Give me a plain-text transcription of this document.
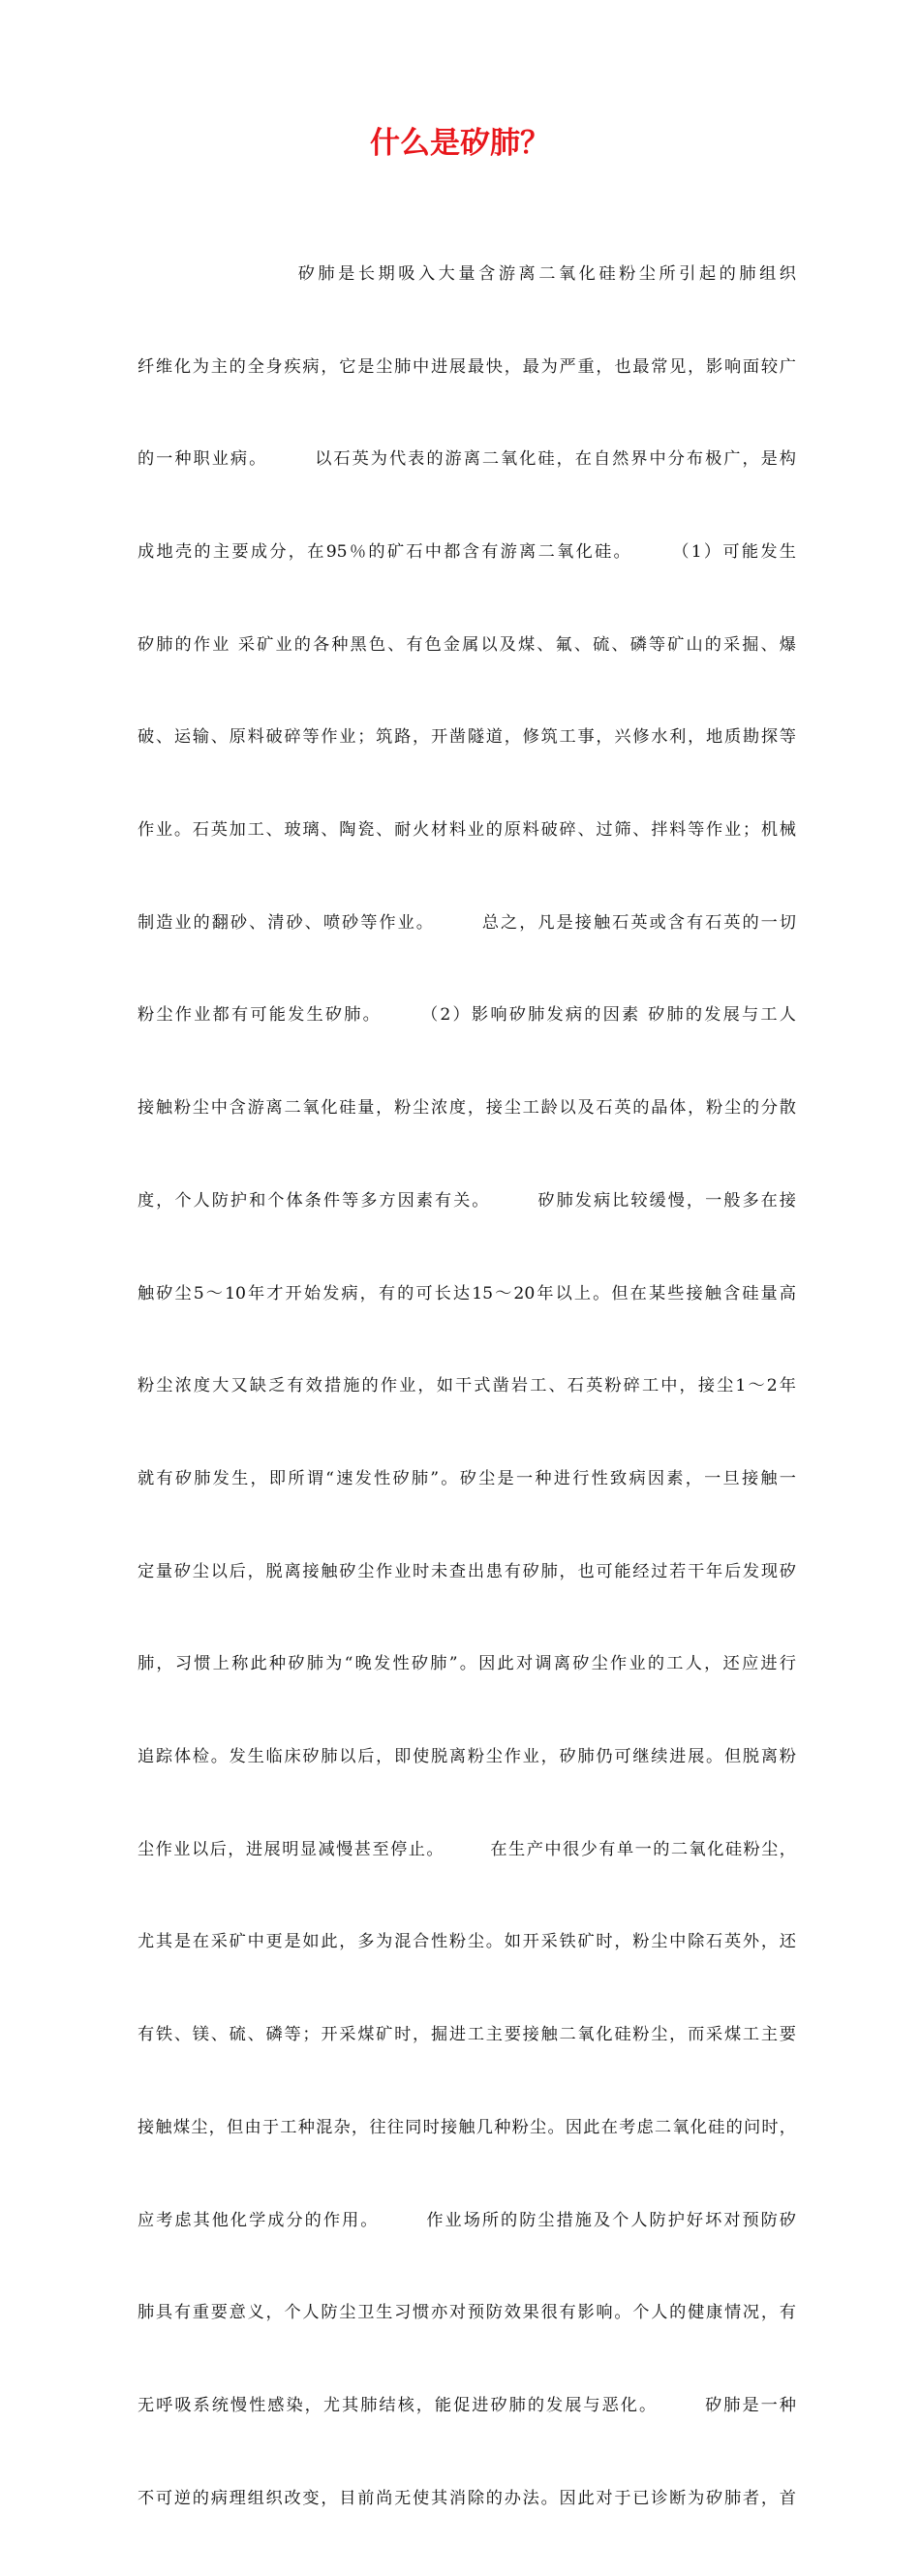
什么是矽肺？

　　　　　　　　矽肺是长期吸入大量含游离二氧化硅粉尘所引起的肺组织

纤维化为主的全身疾病，它是尘肺中进展最快，最为严重，也最常见，影响面较广

的一种职业病。　　　以石英为代表的游离二氧化硅，在自然界中分布极广，是构

成地壳的主要成分，在95％的矿石中都含有游离二氧化硅。　　　（1）可能发生

矽肺的作业 采矿业的各种黑色、有色金属以及煤、氟、硫、磷等矿山的采掘、爆

破、运输、原料破碎等作业；筑路，开凿隧道，修筑工事，兴修水利，地质勘探等

作业。石英加工、玻璃、陶瓷、耐火材料业的原料破碎、过筛、拌料等作业；机械

制造业的翻砂、清砂、喷砂等作业。　　　总之，凡是接触石英或含有石英的一切

粉尘作业都有可能发生矽肺。　　　（2）影响矽肺发病的因素 矽肺的发展与工人

接触粉尘中含游离二氧化硅量，粉尘浓度，接尘工龄以及石英的晶体，粉尘的分散

度，个人防护和个体条件等多方因素有关。　　　矽肺发病比较缓慢，一般多在接

触矽尘5～10年才开始发病，有的可长达15～20年以上。但在某些接触含硅量高

粉尘浓度大又缺乏有效措施的作业，如干式凿岩工、石英粉碎工中，接尘1～2年

就有矽肺发生，即所谓“速发性矽肺”。矽尘是一种进行性致病因素，一旦接触一

定量矽尘以后，脱离接触矽尘作业时未查出患有矽肺，也可能经过若干年后发现矽

肺，习惯上称此种矽肺为“晚发性矽肺”。因此对调离矽尘作业的工人，还应进行

追踪体检。发生临床矽肺以后，即使脱离粉尘作业，矽肺仍可继续进展。但脱离粉

尘作业以后，进展明显减慢甚至停止。　　　在生产中很少有单一的二氧化硅粉尘，

尤其是在采矿中更是如此，多为混合性粉尘。如开采铁矿时，粉尘中除石英外，还

有铁、镁、硫、磷等；开采煤矿时，掘进工主要接触二氧化硅粉尘，而采煤工主要

接触煤尘，但由于工种混杂，往往同时接触几种粉尘。因此在考虑二氧化硅的问时，

应考虑其他化学成分的作用。　　　作业场所的防尘措施及个人防护好坏对预防矽

肺具有重要意义，个人防尘卫生习惯亦对预防效果很有影响。个人的健康情况，有

无呼吸系统慢性感染，尤其肺结核，能促进矽肺的发展与恶化。　　　矽肺是一种

不可逆的病理组织改变，目前尚无使其消除的办法。因此对于已诊断为矽肺者，首
